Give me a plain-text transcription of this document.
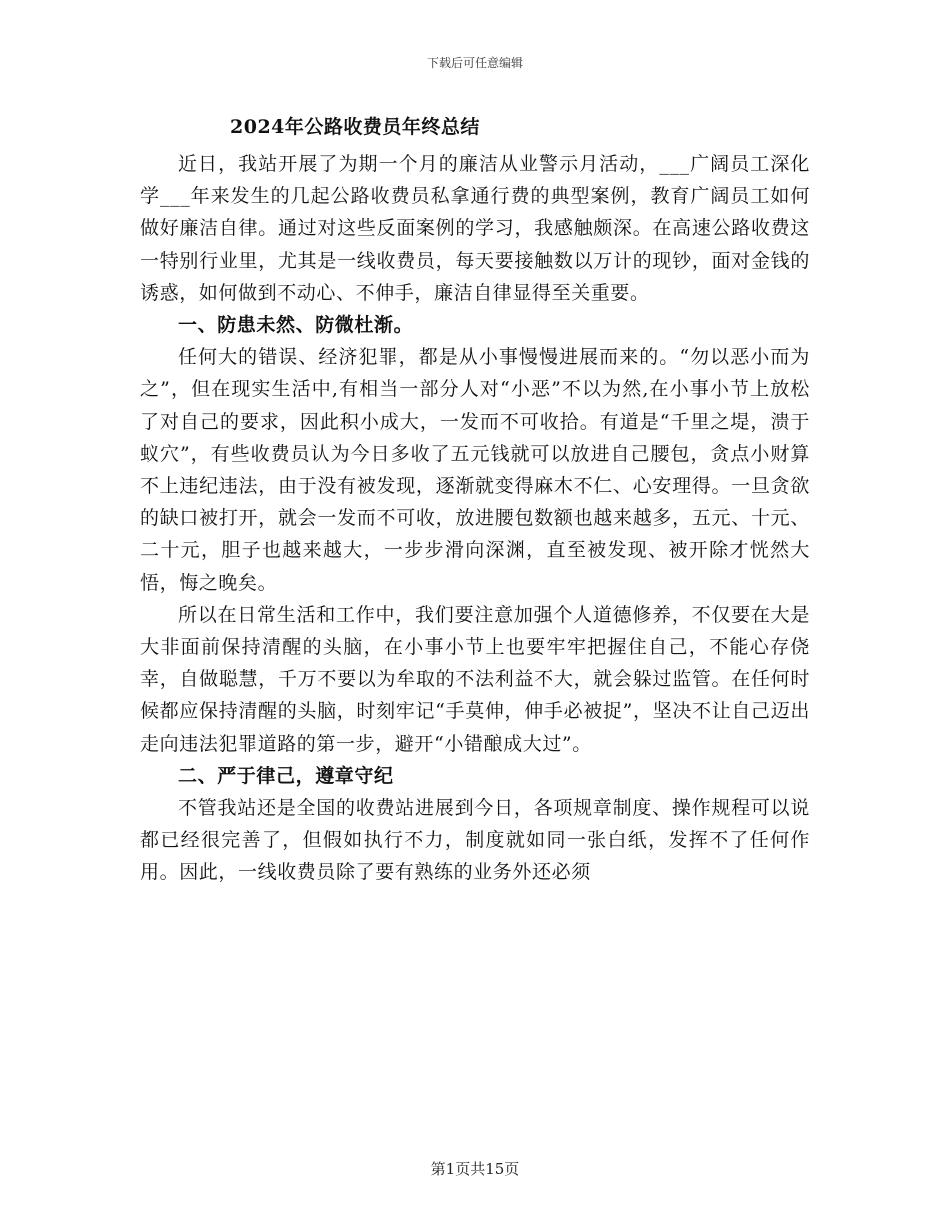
下载后可任意编辑
2024年公路收费员年终总结

近日，我站开展了为期一个月的廉洁从业警示月活动，___广阔员工深化学___年来发生的几起公路收费员私拿通行费的典型案例，教育广阔员工如何做好廉洁自律。通过对这些反面案例的学习，我感触颇深。在高速公路收费这一特别行业里，尤其是一线收费员，每天要接触数以万计的现钞，面对金钱的诱惑，如何做到不动心、不伸手，廉洁自律显得至关重要。

一、防患未然、防微杜渐。

任何大的错误、经济犯罪，都是从小事慢慢进展而来的。“勿以恶小而为之”，但在现实生活中,有相当一部分人对“小恶”不以为然,在小事小节上放松了对自己的要求，因此积小成大，一发而不可收拾。有道是“千里之堤，溃于蚁穴”，有些收费员认为今日多收了五元钱就可以放进自己腰包，贪点小财算不上违纪违法，由于没有被发现，逐渐就变得麻木不仁、心安理得。一旦贪欲的缺口被打开，就会一发而不可收，放进腰包数额也越来越多，五元、十元、二十元，胆子也越来越大，一步步滑向深渊，直至被发现、被开除才恍然大悟，悔之晚矣。

所以在日常生活和工作中，我们要注意加强个人道德修养，不仅要在大是大非面前保持清醒的头脑，在小事小节上也要牢牢把握住自己，不能心存侥幸，自做聪慧，千万不要以为牟取的不法利益不大，就会躲过监管。在任何时候都应保持清醒的头脑，时刻牢记“手莫伸，伸手必被捉”，坚决不让自己迈出走向违法犯罪道路的第一步，避开“小错酿成大过”。

二、严于律己，遵章守纪

不管我站还是全国的收费站进展到今日，各项规章制度、操作规程可以说都已经很完善了，但假如执行不力，制度就如同一张白纸，发挥不了任何作用。因此，一线收费员除了要有熟练的业务外还必须

第1页共15页
